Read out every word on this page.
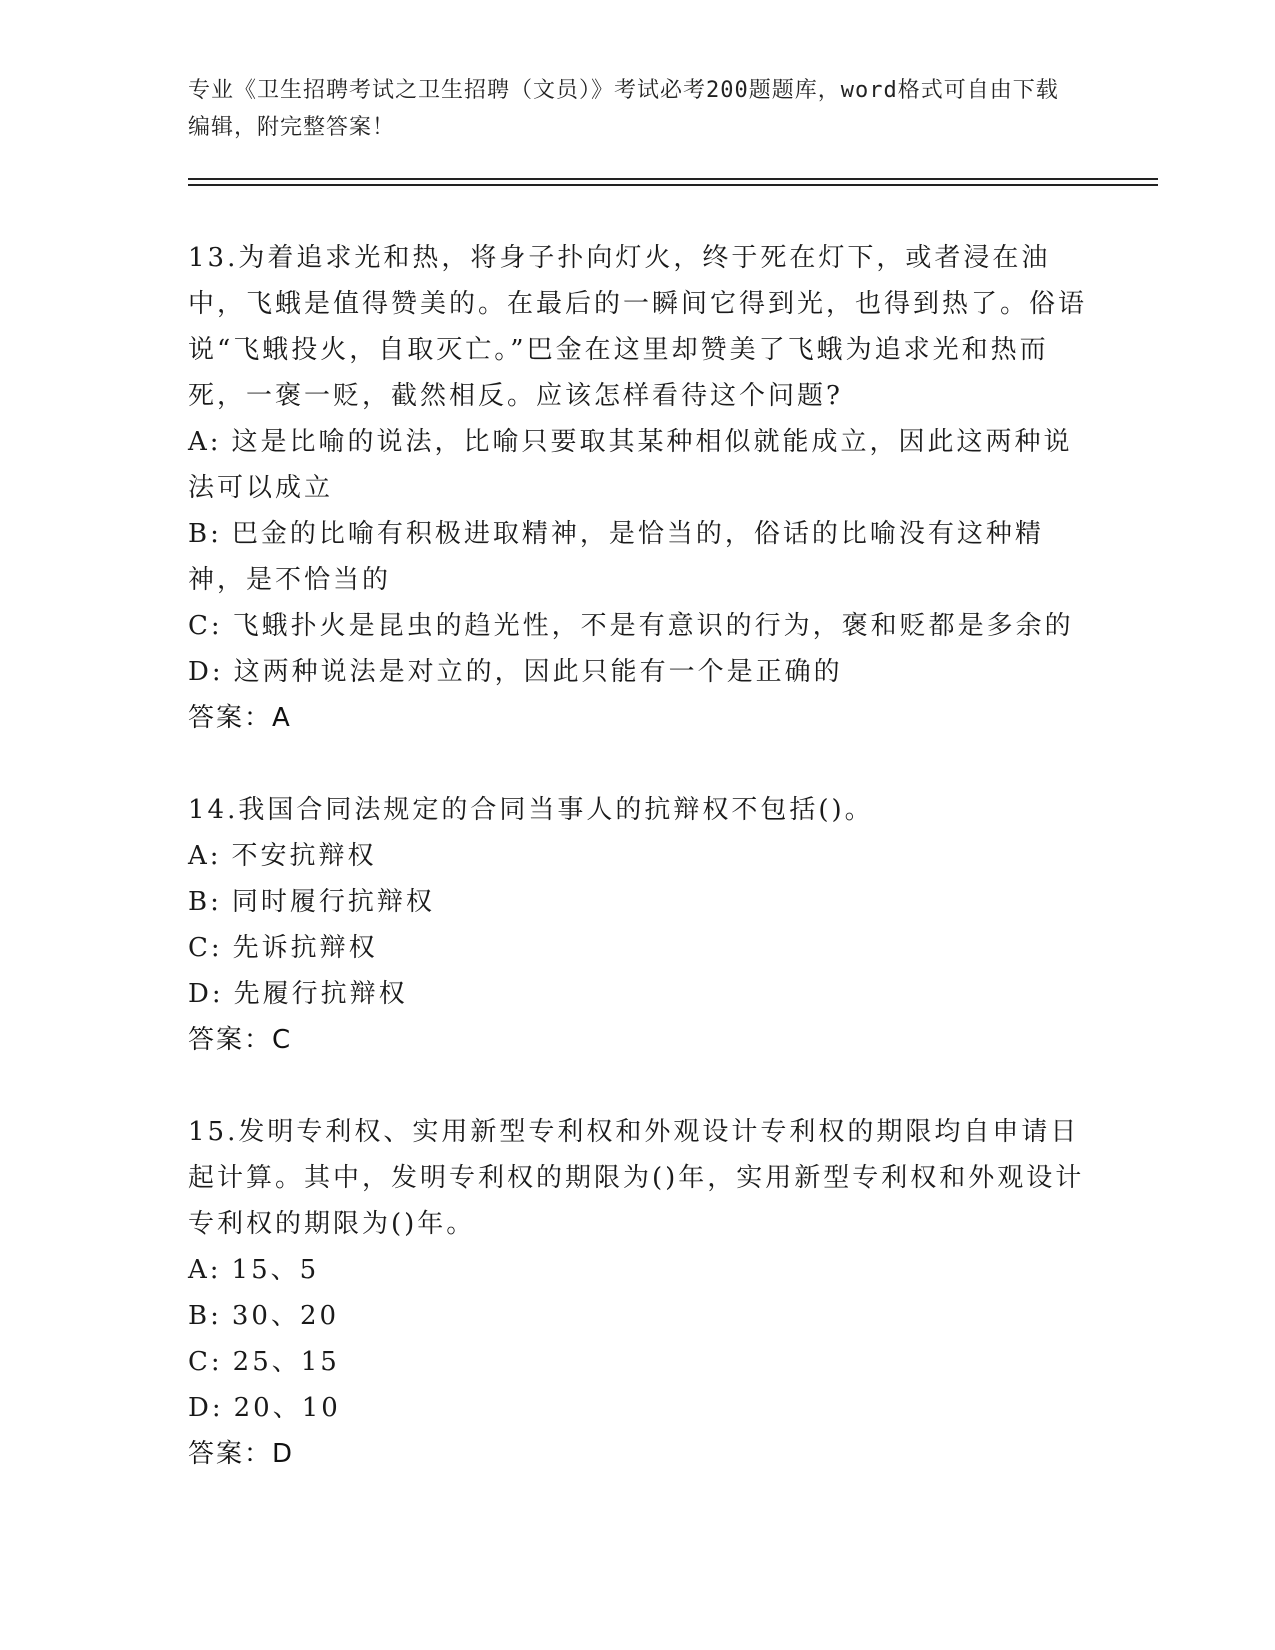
专业《卫生招聘考试之卫生招聘（文员）》考试必考200题题库，word格式可自由下载编辑，附完整答案！
13.为着追求光和热，将身子扑向灯火，终于死在灯下，或者浸在油中，飞蛾是值得赞美的。在最后的一瞬间它得到光，也得到热了。俗语说“飞蛾投火，自取灭亡。”巴金在这里却赞美了飞蛾为追求光和热而死，一褒一贬，截然相反。应该怎样看待这个问题?
A: 这是比喻的说法，比喻只要取其某种相似就能成立，因此这两种说法可以成立
B: 巴金的比喻有积极进取精神，是恰当的，俗话的比喻没有这种精神，是不恰当的
C: 飞蛾扑火是昆虫的趋光性，不是有意识的行为，褒和贬都是多余的
D: 这两种说法是对立的，因此只能有一个是正确的
答案：A
14.我国合同法规定的合同当事人的抗辩权不包括()。
A: 不安抗辩权
B: 同时履行抗辩权
C: 先诉抗辩权
D: 先履行抗辩权
答案：C
15.发明专利权、实用新型专利权和外观设计专利权的期限均自申请日起计算。其中，发明专利权的期限为()年，实用新型专利权和外观设计专利权的期限为()年。
A: 15、5
B: 30、20
C: 25、15
D: 20、10
答案：D
